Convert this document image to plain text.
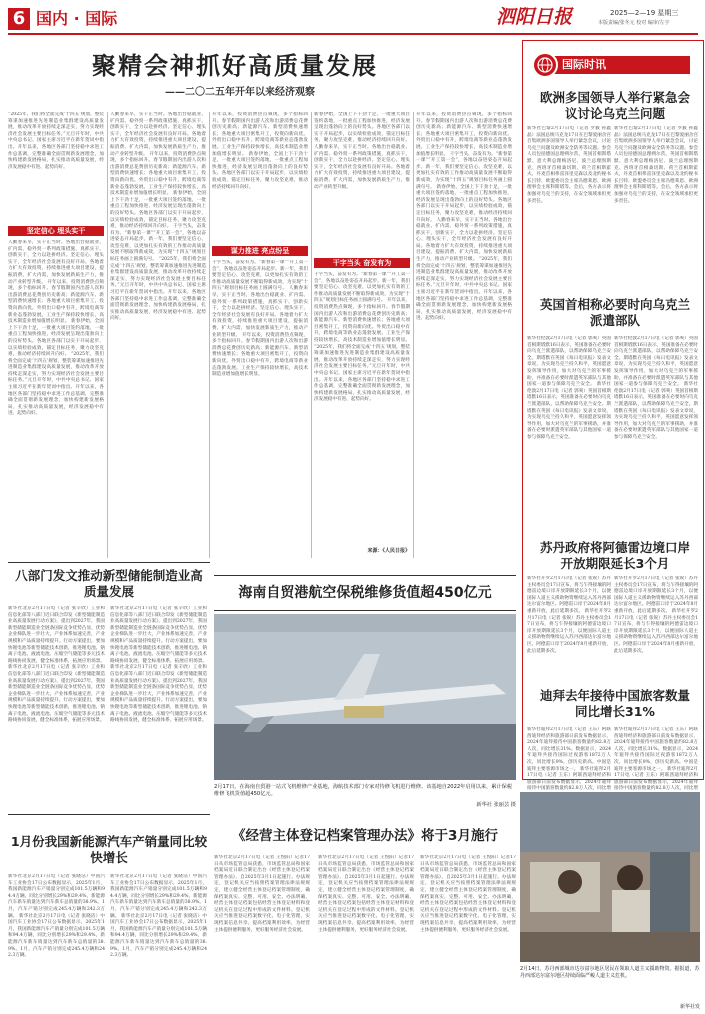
6 国内 · 国际	泗阳日报	2025—2—19 星期三
本版责编/张冬元 校对 编审/左宇
聚精会神抓好高质量发展
——二〇二五年开年以来经济观察
“2025年，我们将全面完成‘十四五’规划，整装筹谋加速推进先进制造业集群建设高质量发展，推动改革开放持续走深走实，努力实现经济社会发展主要目标任务。”元旦开年时，中共中央总书记、国家主席习近平在新年贺词中指出。开年以来，各地区各部门坚持稳中求进工作总基调，完整准确全面贯彻新发展理念，加快构建新发展格局，扎实推动高质量发展，经济发展稳中有进、起势向好。
坚定信心 埋头实干
人勤春来早，实干正当时。各地出台稳就业、扩内需、稳外贸一系列政策措施，真抓实干、创新实干，全力以赴拼经济。坚定信心、埋头实干，全年经济社会发展有良好开局。各地着力扩大有效投资，持续推进重大项目建设，提振消费、扩大内需，加快发展新质生产力，推动产业转型升级。 开年以来，投资消费热点频现，多个指标回升。春节假期国内出游人次和出游消费总花费创历史新高；新能源汽车、新型消费快速增长；各地重大项目密集开工，投资向新向优。外贸出口稳中有升，跨境电商等新业态蓬勃发展。工业生产保持较快增长，高技术制造业增加值增长明显。 新春伊始，全国上下干劲十足，一批重大项目签约落地，一批重点工程加快推进，经济发展呈现出蓬勃向上的良好势头。各地区各部门以实干开局起步，以实绩检验成效，锚定目标任务，聚力攻坚克难，推动经济持续回升向好。 “2025年，我们将全面完成‘十四五’规划，整装筹谋加速推进先进制造业集群建设高质量发展，推动改革开放持续走深走实，努力实现经济社会发展主要目标任务。”元旦开年时，中共中央总书记、国家主席习近平在新年贺词中指出。开年以来，各地区各部门坚持稳中求进工作总基调，完整准确全面贯彻新发展理念，加快构建新发展格局，扎实推动高质量发展，经济发展稳中有进、起势向好。
人勤春来早，实干正当时。各地出台稳就业、扩内需、稳外贸一系列政策措施，真抓实干、创新实干，全力以赴拼经济。坚定信心、埋头实干，全年经济社会发展有良好开局。各地着力扩大有效投资，持续推进重大项目建设，提振消费、扩大内需，加快发展新质生产力，推动产业转型升级。 开年以来，投资消费热点频现，多个指标回升。春节假期国内出游人次和出游消费总花费创历史新高；新能源汽车、新型消费快速增长；各地重大项目密集开工，投资向新向优。外贸出口稳中有升，跨境电商等新业态蓬勃发展。工业生产保持较快增长，高技术制造业增加值增长明显。 新春伊始，全国上下干劲十足，一批重大项目签约落地，一批重点工程加快推进，经济发展呈现出蓬勃向上的良好势头。各地区各部门以实干开局起步，以实绩检验成效，锚定目标任务，聚力攻坚克难，推动经济持续回升向好。 干字当头，奋发有为。“新春第一课”“开工第一会”，各地以奋进姿态开局起步。新一年，我们要坚定信心、攻坚克难，以更加扎实有效的工作推动高质量发展不断取得新成效，为实现“十四五”规划目标任务画上圆满句号。 “2025年，我们将全面完成‘十四五’规划，整装筹谋加速推进先进制造业集群建设高质量发展，推动改革开放持续走深走实，努力实现经济社会发展主要目标任务。”元旦开年时，中共中央总书记、国家主席习近平在新年贺词中指出。开年以来，各地区各部门坚持稳中求进工作总基调，完整准确全面贯彻新发展理念，加快构建新发展格局，扎实推动高质量发展，经济发展稳中有进、起势向好。
开年以来，投资消费热点频现，多个指标回升。春节假期国内出游人次和出游消费总花费创历史新高；新能源汽车、新型消费快速增长；各地重大项目密集开工，投资向新向优。外贸出口稳中有升，跨境电商等新业态蓬勃发展。工业生产保持较快增长，高技术制造业增加值增长明显。 新春伊始，全国上下干劲十足，一批重大项目签约落地，一批重点工程加快推进，经济发展呈现出蓬勃向上的良好势头。各地区各部门以实干开局起步，以实绩检验成效，锚定目标任务，聚力攻坚克难，推动经济持续回升向好。
谋力推进 亮点纷呈
干字当头，奋发有为。“新春第一课”“开工第一会”，各地以奋进姿态开局起步。新一年，我们要坚定信心、攻坚克难，以更加扎实有效的工作推动高质量发展不断取得新成效，为实现“十四五”规划目标任务画上圆满句号。 人勤春来早，实干正当时。各地出台稳就业、扩内需、稳外贸一系列政策措施，真抓实干、创新实干，全力以赴拼经济。坚定信心、埋头实干，全年经济社会发展有良好开局。各地着力扩大有效投资，持续推进重大项目建设，提振消费、扩大内需，加快发展新质生产力，推动产业转型升级。 开年以来，投资消费热点频现，多个指标回升。春节假期国内出游人次和出游消费总花费创历史新高；新能源汽车、新型消费快速增长；各地重大项目密集开工，投资向新向优。外贸出口稳中有升，跨境电商等新业态蓬勃发展。工业生产保持较快增长，高技术制造业增加值增长明显。
新春伊始，全国上下干劲十足，一批重大项目签约落地，一批重点工程加快推进，经济发展呈现出蓬勃向上的良好势头。各地区各部门以实干开局起步，以实绩检验成效，锚定目标任务，聚力攻坚克难，推动经济持续回升向好。 人勤春来早，实干正当时。各地出台稳就业、扩内需、稳外贸一系列政策措施，真抓实干、创新实干，全力以赴拼经济。坚定信心、埋头实干，全年经济社会发展有良好开局。各地着力扩大有效投资，持续推进重大项目建设，提振消费、扩大内需，加快发展新质生产力，推动产业转型升级。
干字当头 奋发有为
干字当头，奋发有为。“新春第一课”“开工第一会”，各地以奋进姿态开局起步。新一年，我们要坚定信心、攻坚克难，以更加扎实有效的工作推动高质量发展不断取得新成效，为实现“十四五”规划目标任务画上圆满句号。 开年以来，投资消费热点频现，多个指标回升。春节假期国内出游人次和出游消费总花费创历史新高；新能源汽车、新型消费快速增长；各地重大项目密集开工，投资向新向优。外贸出口稳中有升，跨境电商等新业态蓬勃发展。工业生产保持较快增长，高技术制造业增加值增长明显。 “2025年，我们将全面完成‘十四五’规划，整装筹谋加速推进先进制造业集群建设高质量发展，推动改革开放持续走深走实，努力实现经济社会发展主要目标任务。”元旦开年时，中共中央总书记、国家主席习近平在新年贺词中指出。开年以来，各地区各部门坚持稳中求进工作总基调，完整准确全面贯彻新发展理念，加快构建新发展格局，扎实推动高质量发展，经济发展稳中有进、起势向好。
来源：《人民日报》
开年以来，投资消费热点频现，多个指标回升。春节假期国内出游人次和出游消费总花费创历史新高；新能源汽车、新型消费快速增长；各地重大项目密集开工，投资向新向优。外贸出口稳中有升，跨境电商等新业态蓬勃发展。工业生产保持较快增长，高技术制造业增加值增长明显。 干字当头，奋发有为。“新春第一课”“开工第一会”，各地以奋进姿态开局起步。新一年，我们要坚定信心、攻坚克难，以更加扎实有效的工作推动高质量发展不断取得新成效，为实现“十四五”规划目标任务画上圆满句号。 新春伊始，全国上下干劲十足，一批重大项目签约落地，一批重点工程加快推进，经济发展呈现出蓬勃向上的良好势头。各地区各部门以实干开局起步，以实绩检验成效，锚定目标任务，聚力攻坚克难，推动经济持续回升向好。 人勤春来早，实干正当时。各地出台稳就业、扩内需、稳外贸一系列政策措施，真抓实干、创新实干，全力以赴拼经济。坚定信心、埋头实干，全年经济社会发展有良好开局。各地着力扩大有效投资，持续推进重大项目建设，提振消费、扩大内需，加快发展新质生产力，推动产业转型升级。 “2025年，我们将全面完成‘十四五’规划，整装筹谋加速推进先进制造业集群建设高质量发展，推动改革开放持续走深走实，努力实现经济社会发展主要目标任务。”元旦开年时，中共中央总书记、国家主席习近平在新年贺词中指出。开年以来，各地区各部门坚持稳中求进工作总基调，完整准确全面贯彻新发展理念，加快构建新发展格局，扎实推动高质量发展，经济发展稳中有进、起势向好。
国际时讯
欧洲多国领导人举行紧急会议讨论乌克兰问题
新华社巴黎2月17日电（记者 罗毅 孙鑫晶）法国总统马克龙17日在巴黎爱丽舍宫召集欧洲多国领导人举行紧急会议，讨论乌克兰问题及欧洲安全防务等议题。参会人员包括德国总理朔尔茨、英国首相斯塔默、意大利总理梅洛尼、波兰总理图斯克、西班牙首相桑切斯、荷兰首相斯霍夫、丹麦首相弗雷泽里克森以及北约秘书长吕特、欧盟委员会主席冯德莱恩、欧洲理事会主席科斯塔等。会后，各方表示将加强对乌克兰的支持，在安全领域承担更多责任。
新华社巴黎2月17日电（记者 罗毅 孙鑫晶）法国总统马克龙17日在巴黎爱丽舍宫召集欧洲多国领导人举行紧急会议，讨论乌克兰问题及欧洲安全防务等议题。参会人员包括德国总理朔尔茨、英国首相斯塔默、意大利总理梅洛尼、波兰总理图斯克、西班牙首相桑切斯、荷兰首相斯霍夫、丹麦首相弗雷泽里克森以及北约秘书长吕特、欧盟委员会主席冯德莱恩、欧洲理事会主席科斯塔等。会后，各方表示将加强对乌克兰的支持，在安全领域承担更多责任。
英国首相称必要时向乌克兰派遣部队
新华社伦敦2月17日电（记者 郭爽）英国首相斯塔默16日表示，英国准备在必要时向乌克兰派遣部队，以帮助保障乌克兰安全。斯塔默在英国《每日电讯报》发表文章说，为实现乌克兰持久和平，英国愿意发挥领导作用，加大对乌克兰的军事援助，并准备在必要时派遣英军部队与其他国家一道参与保障乌克兰安全。 新华社伦敦2月17日电（记者 郭爽）英国首相斯塔默16日表示，英国准备在必要时向乌克兰派遣部队，以帮助保障乌克兰安全。斯塔默在英国《每日电讯报》发表文章说，为实现乌克兰持久和平，英国愿意发挥领导作用，加大对乌克兰的军事援助，并准备在必要时派遣英军部队与其他国家一道参与保障乌克兰安全。
新华社伦敦2月17日电（记者 郭爽）英国首相斯塔默16日表示，英国准备在必要时向乌克兰派遣部队，以帮助保障乌克兰安全。斯塔默在英国《每日电讯报》发表文章说，为实现乌克兰持久和平，英国愿意发挥领导作用，加大对乌克兰的军事援助，并准备在必要时派遣英军部队与其他国家一道参与保障乌克兰安全。 新华社伦敦2月17日电（记者 郭爽）英国首相斯塔默16日表示，英国准备在必要时向乌克兰派遣部队，以帮助保障乌克兰安全。斯塔默在英国《每日电讯报》发表文章说，为实现乌克兰持久和平，英国愿意发挥领导作用，加大对乌克兰的军事援助，并准备在必要时派遣英军部队与其他国家一道参与保障乌克兰安全。
苏丹政府将阿德雷边境口岸开放期限延长3个月
新华社开罗2月17日电（记者 张锐）苏丹主权委员会17日宣布，将与乍得接壤的阿德雷边境口岸开放期限延长3个月，以便国际人道主义援助物资继续运入苏丹西部达尔富尔地区。阿德雷口岸于2024年8月重新开放，此后延期多次。 新华社开罗2月17日电（记者 张锐）苏丹主权委员会17日宣布，将与乍得接壤的阿德雷边境口岸开放期限延长3个月，以便国际人道主义援助物资继续运入苏丹西部达尔富尔地区。阿德雷口岸于2024年8月重新开放，此后延期多次。
新华社开罗2月17日电（记者 张锐）苏丹主权委员会17日宣布，将与乍得接壤的阿德雷边境口岸开放期限延长3个月，以便国际人道主义援助物资继续运入苏丹西部达尔富尔地区。阿德雷口岸于2024年8月重新开放，此后延期多次。 新华社开罗2月17日电（记者 张锐）苏丹主权委员会17日宣布，将与乍得接壤的阿德雷边境口岸开放期限延长3个月，以便国际人道主义援助物资继续运入苏丹西部达尔富尔地区。阿德雷口岸于2024年8月重新开放，此后延期多次。
迪拜去年接待中国旅客数量同比增长31%
新华社迪拜2月17日电（记者 王东）阿联酋迪拜经济和旅游部日前发布数据显示，2024年迪拜接待中国旅客数量约82.8万人次，同比增长31%。数据显示，2024年迪拜共接待国际过夜游客1872万人次，同比增长9%，创历史新高。中国是迪拜主要客源市场之一。 新华社迪拜2月17日电（记者 王东）阿联酋迪拜经济和旅游部日前发布数据显示，2024年迪拜接待中国旅客数量约82.8万人次，同比增
新华社迪拜2月17日电（记者 王东）阿联酋迪拜经济和旅游部日前发布数据显示，2024年迪拜接待中国旅客数量约82.8万人次，同比增长31%。数据显示，2024年迪拜共接待国际过夜游客1872万人次，同比增长9%，创历史新高。中国是迪拜主要客源市场之一。 新华社迪拜2月17日电（记者 王东）阿联酋迪拜经济和旅游部日前发布数据显示，2024年迪拜接待中国旅客数量约82.8万人次，同比增
八部门发文推动新型储能制造业高质量发展
新华社北京2月17日电（记者 张辛欣）工业和信息化部等八部门近日联合印发《新型储能制造业高质量发展行动方案》，提出到2027年，我国新型储能制造业全链条国际竞争优势凸显，优势企业梯队进一步壮大，产业体系加速完善，产业规模和产品质量持续提升。行动方案提出，要加快锂电池等新型储能技术创新，推进锂电池、钠离子电池、液流电池、压缩空气储能等多元技术路线协同发展，健全标准体系，拓展应用场景。 新华社北京2月17日电（记者 张辛欣）工业和信息化部等八部门近日联合印发《新型储能制造业高质量发展行动方案》，提出到2027年，我国新型储能制造业全链条国际竞争优势凸显，优势企业梯队进一步壮大，产业体系加速完善，产业规模和产品质量持续提升。行动方案提出，要加快锂电池等新型储能技术创新，推进锂电池、钠离子电池、液流电池、压缩空气储能等多元技术路线协同发展，健全标准体系，拓展应用场景。
新华社北京2月17日电（记者 张辛欣）工业和信息化部等八部门近日联合印发《新型储能制造业高质量发展行动方案》，提出到2027年，我国新型储能制造业全链条国际竞争优势凸显，优势企业梯队进一步壮大，产业体系加速完善，产业规模和产品质量持续提升。行动方案提出，要加快锂电池等新型储能技术创新，推进锂电池、钠离子电池、液流电池、压缩空气储能等多元技术路线协同发展，健全标准体系，拓展应用场景。 新华社北京2月17日电（记者 张辛欣）工业和信息化部等八部门近日联合印发《新型储能制造业高质量发展行动方案》，提出到2027年，我国新型储能制造业全链条国际竞争优势凸显，优势企业梯队进一步壮大，产业体系加速完善，产业规模和产品质量持续提升。行动方案提出，要加快锂电池等新型储能技术创新，推进锂电池、钠离子电池、液流电池、压缩空气储能等多元技术路线协同发展，健全标准体系，拓展应用场景。
1月份我国新能源汽车产销量同比较快增长
新华社北京2月17日电（记者 张晓洁）中国汽车工业协会17日公布数据显示，2025年1月，我国新能源汽车产销量分别完成101.5万辆和94.4万辆，同比分别增长29%和29.4%，新能源汽车新车销量达到汽车新车总销量的38.9%。1月，汽车产销分别完成245.4万辆和242.3万辆。 新华社北京2月17日电（记者 张晓洁）中国汽车工业协会17日公布数据显示，2025年1月，我国新能源汽车产销量分别完成101.5万辆和94.4万辆，同比分别增长29%和29.4%，新能源汽车新车销量达到汽车新车总销量的38.9%。1月，汽车产销分别完成245.4万辆和242.3万辆。
新华社北京2月17日电（记者 张晓洁）中国汽车工业协会17日公布数据显示，2025年1月，我国新能源汽车产销量分别完成101.5万辆和94.4万辆，同比分别增长29%和29.4%，新能源汽车新车销量达到汽车新车总销量的38.9%。1月，汽车产销分别完成245.4万辆和242.3万辆。 新华社北京2月17日电（记者 张晓洁）中国汽车工业协会17日公布数据显示，2025年1月，我国新能源汽车产销量分别完成101.5万辆和94.4万辆，同比分别增长29%和29.4%，新能源汽车新车销量达到汽车新车总销量的38.9%。1月，汽车产销分别完成245.4万辆和242.3万辆。
海南自贸港航空保税维修货值超450亿元
2月17日，在海南自贸港一站式飞机维修产业基地，海航技术部门专家对待修飞机进行维修。该基地自2022年启用以来，累计保税维修飞机货值超450亿元。
新华社 张丽芸 摄
《经营主体登记档案管理办法》将于3月施行
新华社北京2月17日电（记者 王悦阳）记者17日从市场监管总局获悉，市场监管总局和国家档案局近日联合制定出台《经营主体登记档案管理办法》，自2025年3月1日起施行。办法规定，登记机关应当按照档案管理法律法规规定，建立健全经营主体登记档案管理制度，确保档案真实、完整、可用、安全。办法明确，经营主体登记档案包括经营主体登记材料和登记机关在登记过程中形成的文件材料。登记机关应当推进登记档案数字化、电子化管理，实现档案信息共享，提高档案利用效率，为经营主体提供便利服务，更好服务经济社会发展。
新华社北京2月17日电（记者 王悦阳）记者17日从市场监管总局获悉，市场监管总局和国家档案局近日联合制定出台《经营主体登记档案管理办法》，自2025年3月1日起施行。办法规定，登记机关应当按照档案管理法律法规规定，建立健全经营主体登记档案管理制度，确保档案真实、完整、可用、安全。办法明确，经营主体登记档案包括经营主体登记材料和登记机关在登记过程中形成的文件材料。登记机关应当推进登记档案数字化、电子化管理，实现档案信息共享，提高档案利用效率，为经营主体提供便利服务，更好服务经济社会发展。
新华社北京2月17日电（记者 王悦阳）记者17日从市场监管总局获悉，市场监管总局和国家档案局近日联合制定出台《经营主体登记档案管理办法》，自2025年3月1日起施行。办法规定，登记机关应当按照档案管理法律法规规定，建立健全经营主体登记档案管理制度，确保档案真实、完整、可用、安全。办法明确，经营主体登记档案包括经营主体登记材料和登记机关在登记过程中形成的文件材料。登记机关应当推进登记档案数字化、电子化管理，实现档案信息共享，提高档案利用效率，为经营主体提供便利服务，更好服务经济社会发展。
2月14日，苏丹西部城市达尔富尔地区居民在领取人道主义援助物资。据报道，苏丹西部达尔富尔地区持续面临严峻人道主义危机。
新华社发
